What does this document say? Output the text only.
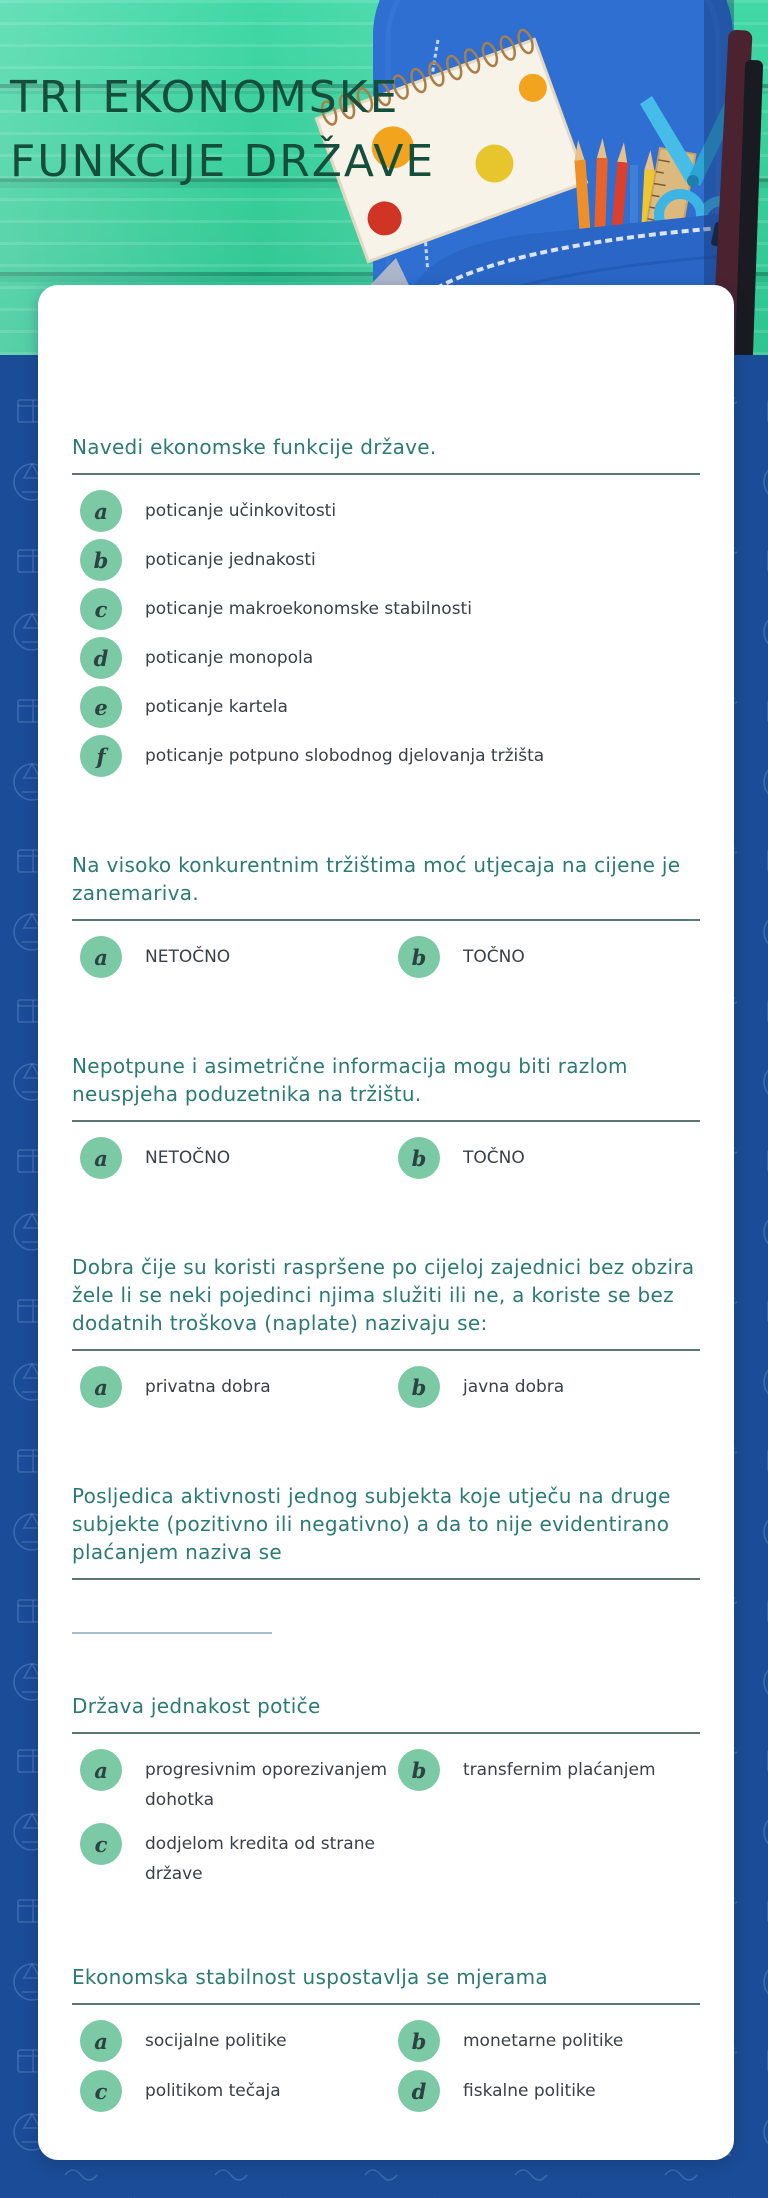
TRI EKONOMSKE
FUNKCIJE DRŽAVE
Navedi ekonomske funkcije države.
a	poticanje učinkovitosti
b	poticanje jednakosti
c	poticanje makroekonomske stabilnosti
d	poticanje monopola
e	poticanje kartela
f	poticanje potpuno slobodnog djelovanja tržišta
Na visoko konkurentnim tržištima moć utjecaja na cijene je zanemariva.
a	NETOČNO	b	TOČNO
Nepotpune i asimetrične informacija mogu biti razlom neuspjeha poduzetnika na tržištu.
a	NETOČNO	b	TOČNO
Dobra čije su koristi raspršene po cijeloj zajednici bez obzira žele li se neki pojedinci njima služiti ili ne, a koriste se bez dodatnih troškova (naplate) nazivaju se:
a	privatna dobra	b	javna dobra
Posljedica aktivnosti jednog subjekta koje utječu na druge subjekte (pozitivno ili negativno) a da to nije evidentirano plaćanjem naziva se
Država jednakost potiče
a	progresivnim oporezivanjem dohotka
b	transfernim plaćanjem
c	dodjelom kredita od strane države
Ekonomska stabilnost uspostavlja se mjerama
a	socijalne politike	b	monetarne politike
c	politikom tečaja	d	fiskalne politike
